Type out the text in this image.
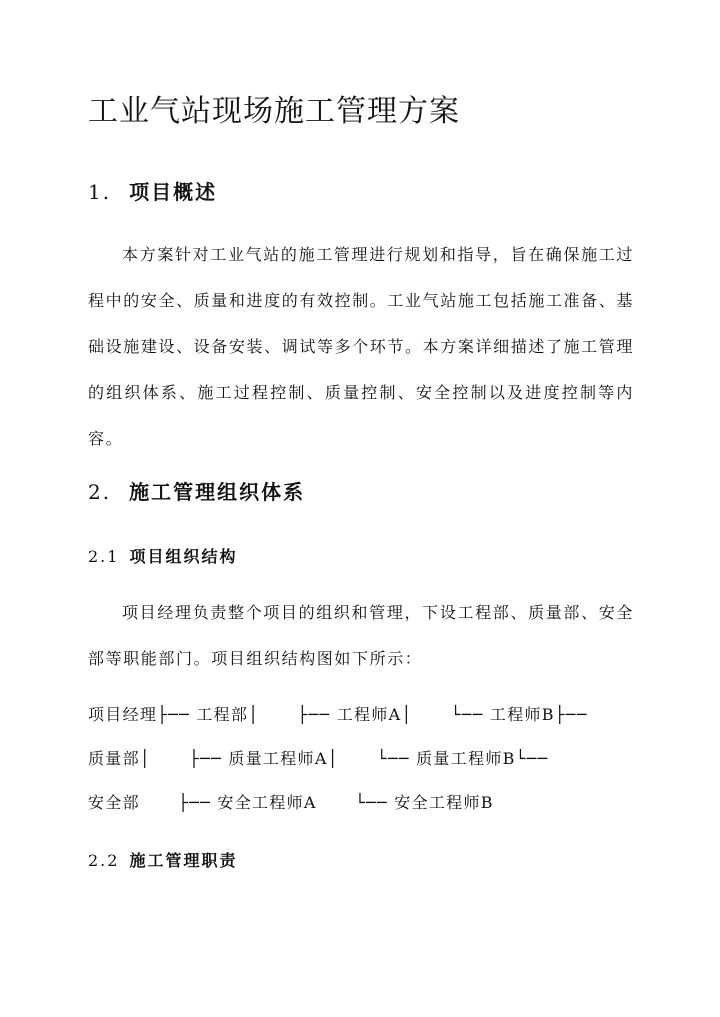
工业气站现场施工管理方案
1. 项目概述

本方案针对工业气站的施工管理进行规划和指导，旨在确保施工过程中的安全、质量和进度的有效控制。工业气站施工包括施工准备、基础设施建设、设备安装、调试等多个环节。本方案详细描述了施工管理的组织体系、施工过程控制、质量控制、安全控制以及进度控制等内容。

2. 施工管理组织体系
2.1 项目组织结构

项目经理负责整个项目的组织和管理，下设工程部、质量部、安全部等职能部门。项目组织结构图如下所示：

项目经理├── 工程部│      ├── 工程师A│      └── 工程师B├──

质量部│      ├── 质量工程师A│      └── 质量工程师B└──

安全部      ├── 安全工程师A      └── 安全工程师B

2.2 施工管理职责
